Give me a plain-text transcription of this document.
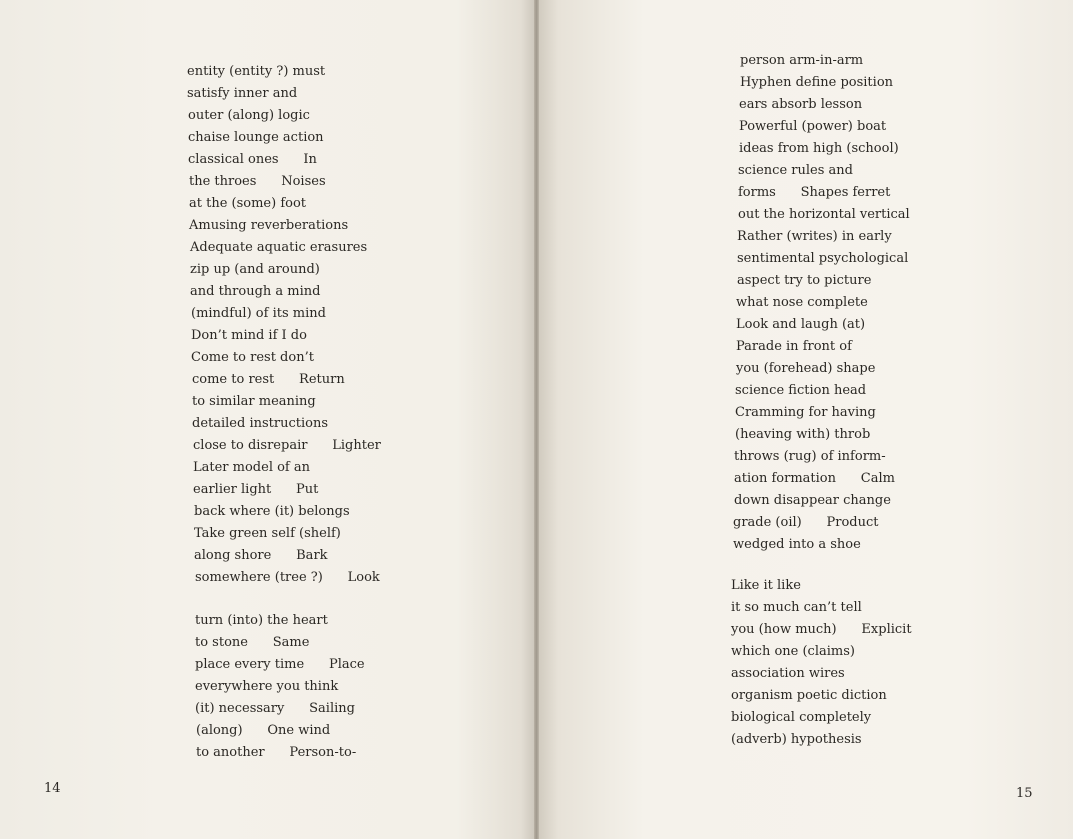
entity (entity ?) must
satisfy inner and
outer (along) logic
chaise lounge action
classical ones      In
the throes      Noises
at the (some) foot
Amusing reverberations
Adequate aquatic erasures
zip up (and around)
and through a mind
(mindful) of its mind
Don’t mind if I do
Come to rest don’t
come to rest      Return
to similar meaning
detailed instructions
close to disrepair      Lighter
Later model of an
earlier light      Put
back where (it) belongs
Take green self (shelf)
along shore      Bark
somewhere (tree ?)      Look
turn (into) the heart
to stone      Same
place every time      Place
everywhere you think
(it) necessary      Sailing
(along)      One wind
to another      Person-to-
14
person arm-in-arm
Hyphen define position
ears absorb lesson
Powerful (power) boat
ideas from high (school)
science rules and
forms      Shapes ferret
out the horizontal vertical
Rather (writes) in early
sentimental psychological
aspect try to picture
what nose complete
Look and laugh (at)
Parade in front of
you (forehead) shape
science fiction head
Cramming for having
(heaving with) throb
throws (rug) of inform-
ation formation      Calm
down disappear change
grade (oil)      Product
wedged into a shoe
Like it like
it so much can’t tell
you (how much)      Explicit
which one (claims)
association wires
organism poetic diction
biological completely
(adverb) hypothesis
15
